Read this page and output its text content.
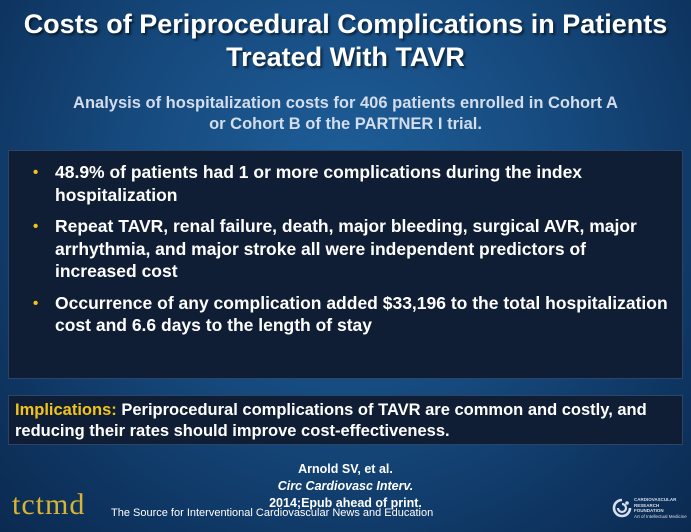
Costs of Periprocedural Complications in Patients
Treated With TAVR
Analysis of hospitalization costs for 406 patients enrolled in Cohort A
or Cohort B of the PARTNER I trial.
• 48.9% of patients had 1 or more complications during the index hospitalization
• Repeat TAVR, renal failure, death, major bleeding, surgical AVR, major arrhythmia, and major stroke all were independent predictors of increased cost
• Occurrence of any complication added $33,196 to the total hospitalization cost and 6.6 days to the length of stay
Implications: Periprocedural complications of TAVR are common and costly, and reducing their rates should improve cost-effectiveness.
Arnold SV, et al.
Circ Cardiovasc Interv.
2014;Epub ahead of print.
tctmd The Source for Interventional Cardiovascular News and Education
CARDIOVASCULAR
RESEARCH
FOUNDATION
Art of Intellectual Medicine
